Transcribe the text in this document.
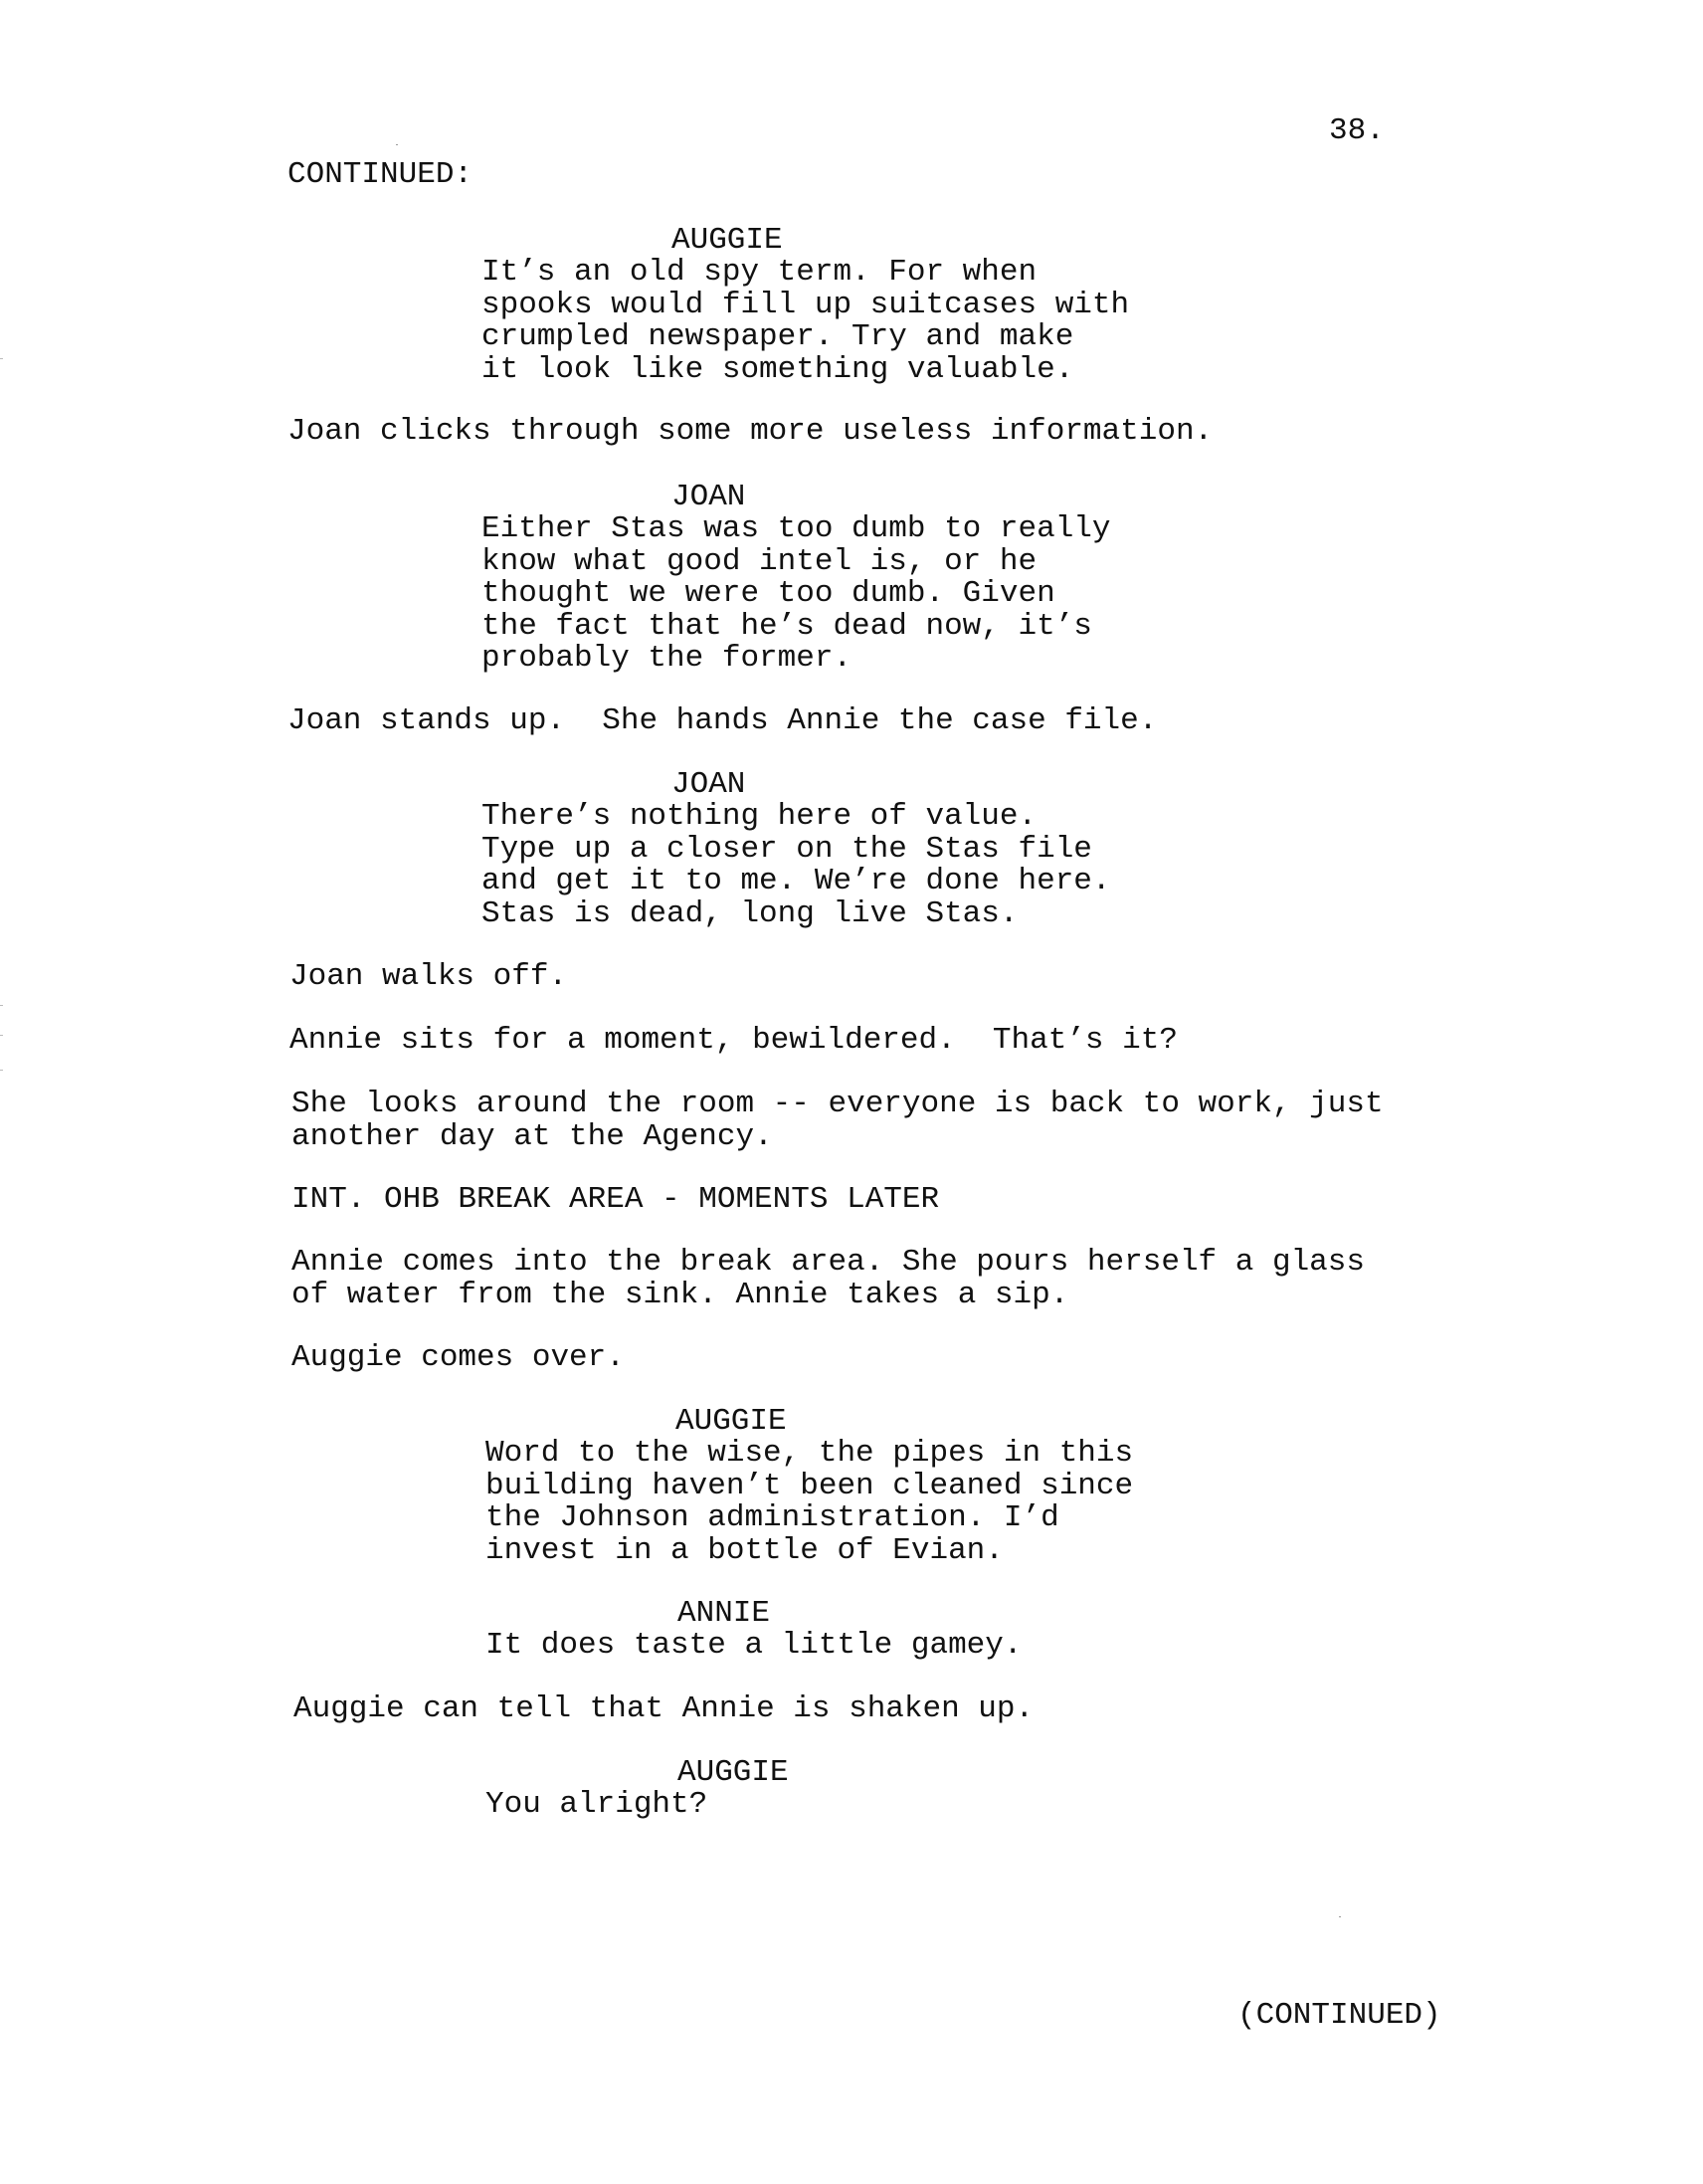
38.
CONTINUED:
AUGGIE
It’s an old spy term. For when
spooks would fill up suitcases with
crumpled newspaper. Try and make
it look like something valuable.
Joan clicks through some more useless information.
JOAN
Either Stas was too dumb to really
know what good intel is, or he
thought we were too dumb. Given
the fact that he’s dead now, it’s
probably the former.
Joan stands up.  She hands Annie the case file.
JOAN
There’s nothing here of value.
Type up a closer on the Stas file
and get it to me. We’re done here.
Stas is dead, long live Stas.
Joan walks off.
Annie sits for a moment, bewildered.  That’s it?
She looks around the room -- everyone is back to work, just
another day at the Agency.
INT. OHB BREAK AREA - MOMENTS LATER
Annie comes into the break area. She pours herself a glass
of water from the sink. Annie takes a sip.
Auggie comes over.
AUGGIE
Word to the wise, the pipes in this
building haven’t been cleaned since
the Johnson administration. I’d
invest in a bottle of Evian.
ANNIE
It does taste a little gamey.
Auggie can tell that Annie is shaken up.
AUGGIE
You alright?
(CONTINUED)
